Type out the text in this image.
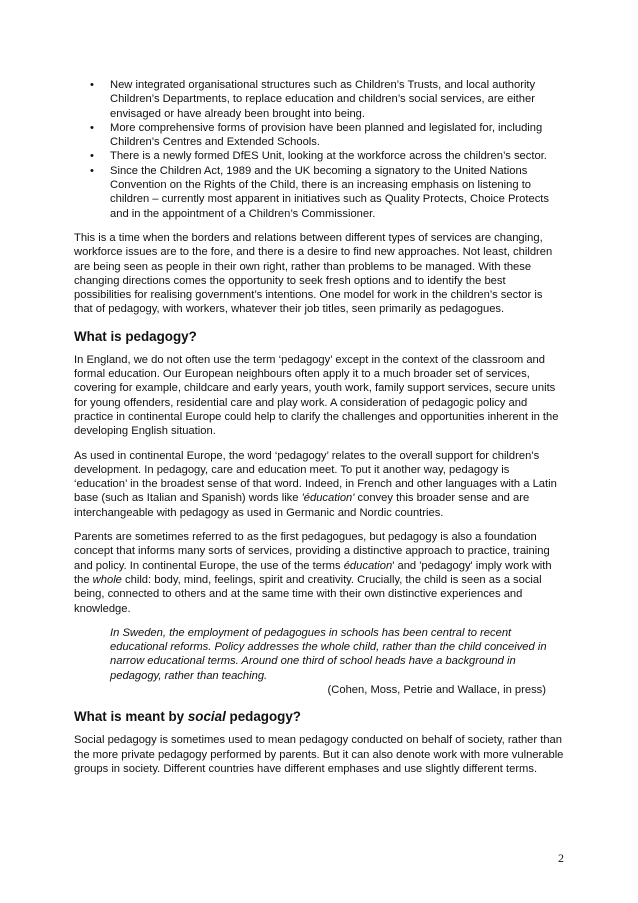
• New integrated organisational structures such as Children’s Trusts, and local authority Children’s Departments, to replace education and children’s social services, are either envisaged or have already been brought into being.
• More comprehensive forms of provision have been planned and legislated for, including Children’s Centres and Extended Schools.
• There is a newly formed DfES Unit, looking at the workforce across the children’s sector.
• Since the Children Act, 1989 and the UK becoming a signatory to the United Nations Convention on the Rights of the Child, there is an increasing emphasis on listening to children – currently most apparent in initiatives such as Quality Protects, Choice Protects and in the appointment of a Children’s Commissioner.

This is a time when the borders and relations between different types of services are changing, workforce issues are to the fore, and there is a desire to find new approaches. Not least, children are being seen as people in their own right, rather than problems to be managed. With these changing directions comes the opportunity to seek fresh options and to identify the best possibilities for realising government’s intentions. One model for work in the children’s sector is that of pedagogy, with workers, whatever their job titles, seen primarily as pedagogues.

What is pedagogy?

In England, we do not often use the term ‘pedagogy’ except in the context of the classroom and formal education. Our European neighbours often apply it to a much broader set of services, covering for example, childcare and early years, youth work, family support services, secure units for young offenders, residential care and play work. A consideration of pedagogic policy and practice in continental Europe could help to clarify the challenges and opportunities inherent in the developing English situation.

As used in continental Europe, the word ‘pedagogy’ relates to the overall support for children’s development. In pedagogy, care and education meet. To put it another way, pedagogy is ‘education’ in the broadest sense of that word. Indeed, in French and other languages with a Latin base (such as Italian and Spanish) words like 'éducation' convey this broader sense and are interchangeable with pedagogy as used in Germanic and Nordic countries.

Parents are sometimes referred to as the first pedagogues, but pedagogy is also a foundation concept that informs many sorts of services, providing a distinctive approach to practice, training and policy. In continental Europe, the use of the terms éducation' and 'pedagogy' imply work with the whole child: body, mind, feelings, spirit and creativity. Crucially, the child is seen as a social being, connected to others and at the same time with their own distinctive experiences and knowledge.

In Sweden, the employment of pedagogues in schools has been central to recent educational reforms. Policy addresses the whole child, rather than the child conceived in narrow educational terms. Around one third of school heads have a background in pedagogy, rather than teaching.
(Cohen, Moss, Petrie and Wallace, in press)
What is meant by social pedagogy?

Social pedagogy is sometimes used to mean pedagogy conducted on behalf of society, rather than the more private pedagogy performed by parents. But it can also denote work with more vulnerable groups in society. Different countries have different emphases and use slightly different terms.

2
